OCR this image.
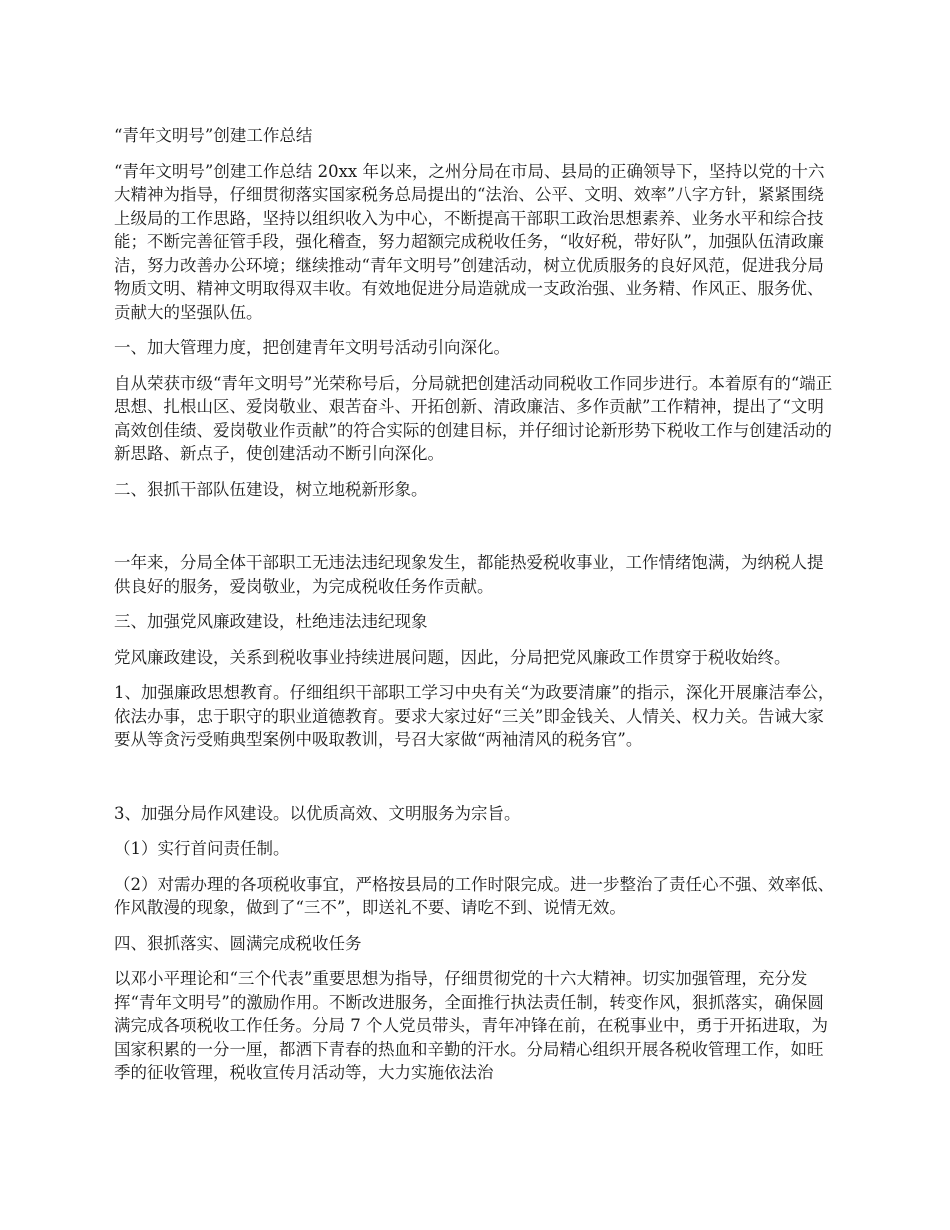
“青年文明号”创建工作总结

“青年文明号”创建工作总结 20xx 年以来，之州分局在市局、县局的正确领导下，坚持以党的十六大精神为指导，仔细贯彻落实国家税务总局提出的“法治、公平、文明、效率”八字方针，紧紧围绕上级局的工作思路，坚持以组织收入为中心，不断提高干部职工政治思想素养、业务水平和综合技能；不断完善征管手段，强化稽查，努力超额完成税收任务，“收好税，带好队”，加强队伍清政廉洁，努力改善办公环境；继续推动“青年文明号”创建活动，树立优质服务的良好风范，促进我分局物质文明、精神文明取得双丰收。有效地促进分局造就成一支政治强、业务精、作风正、服务优、贡献大的坚强队伍。

一、加大管理力度，把创建青年文明号活动引向深化。

自从荣获市级“青年文明号”光荣称号后，分局就把创建活动同税收工作同步进行。本着原有的“端正思想、扎根山区、爱岗敬业、艰苦奋斗、开拓创新、清政廉洁、多作贡献”工作精神，提出了“文明高效创佳绩、爱岗敬业作贡献”的符合实际的创建目标，并仔细讨论新形势下税收工作与创建活动的新思路、新点子，使创建活动不断引向深化。

二、狠抓干部队伍建设，树立地税新形象。

一年来，分局全体干部职工无违法违纪现象发生，都能热爱税收事业，工作情绪饱满，为纳税人提供良好的服务，爱岗敬业，为完成税收任务作贡献。

三、加强党风廉政建设，杜绝违法违纪现象

党风廉政建设，关系到税收事业持续进展问题，因此，分局把党风廉政工作贯穿于税收始终。

1、加强廉政思想教育。仔细组织干部职工学习中央有关“为政要清廉”的指示，深化开展廉洁奉公，依法办事，忠于职守的职业道德教育。要求大家过好“三关”即金钱关、人情关、权力关。告诫大家要从等贪污受贿典型案例中吸取教训，号召大家做“两袖清风的税务官”。

3、加强分局作风建设。以优质高效、文明服务为宗旨。

（1）实行首问责任制。

（2）对需办理的各项税收事宜，严格按县局的工作时限完成。进一步整治了责任心不强、效率低、作风散漫的现象，做到了“三不”，即送礼不要、请吃不到、说情无效。

四、狠抓落实、圆满完成税收任务

以邓小平理论和“三个代表”重要思想为指导，仔细贯彻党的十六大精神。切实加强管理，充分发挥“青年文明号”的激励作用。不断改进服务，全面推行执法责任制，转变作风，狠抓落实，确保圆满完成各项税收工作任务。分局 7 个人党员带头，青年冲锋在前，在税事业中，勇于开拓进取，为国家积累的一分一厘，都洒下青春的热血和辛勤的汗水。分局精心组织开展各税收管理工作，如旺季的征收管理，税收宣传月活动等，大力实施依法治
